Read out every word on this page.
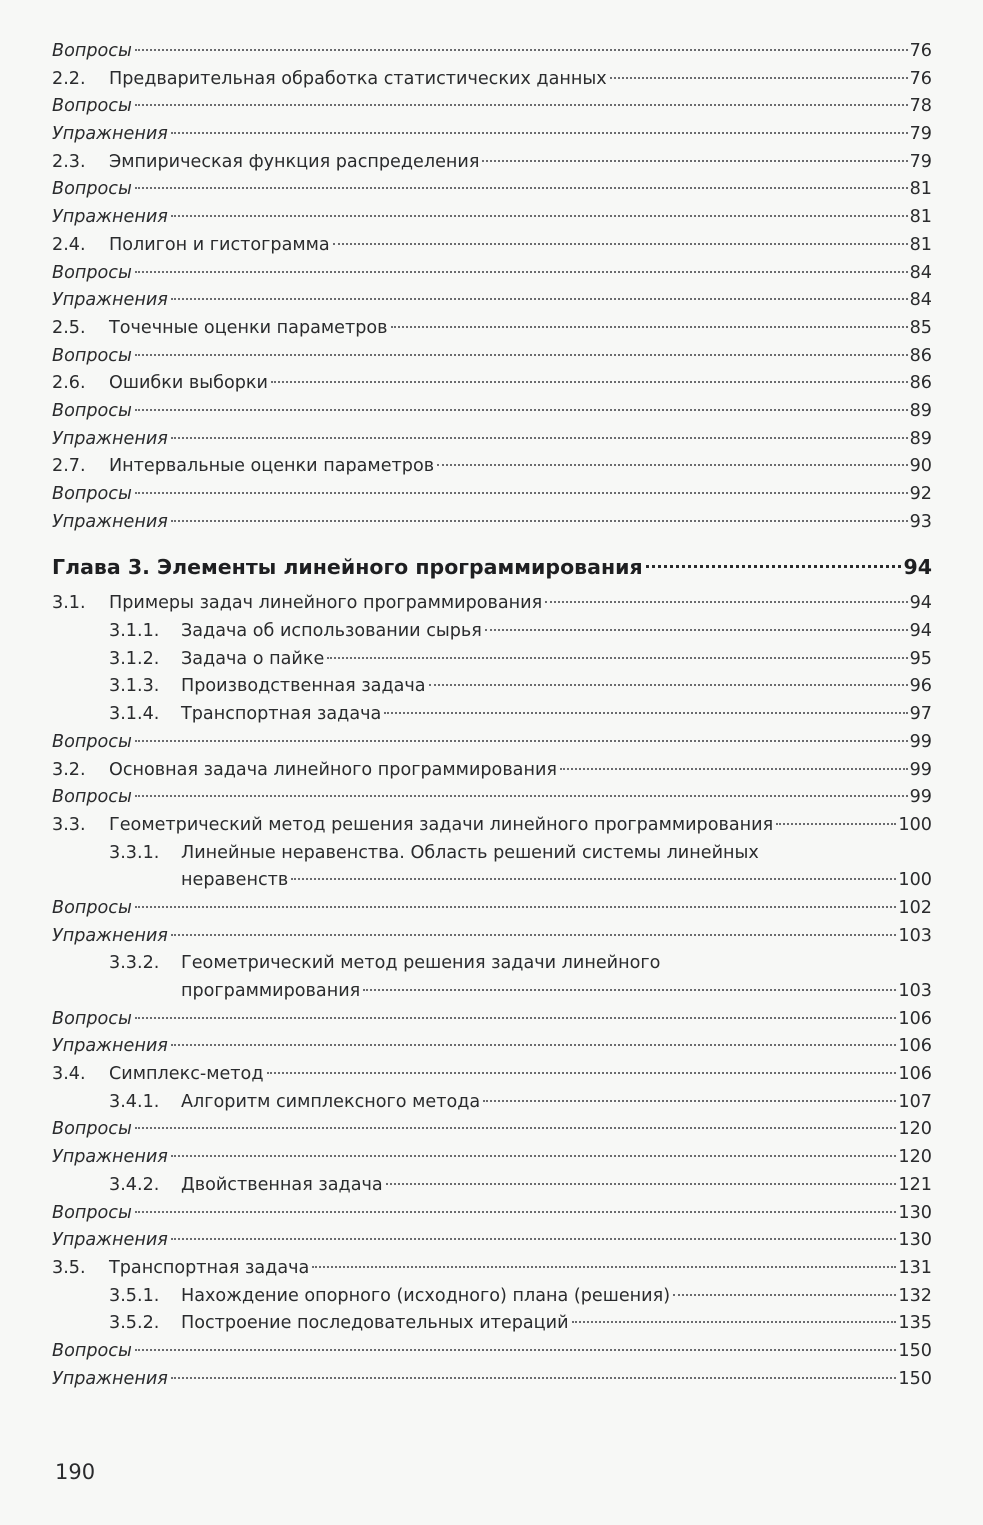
Вопросы	76
2.2.	Предварительная обработка статистических данных	76
Вопросы	78
Упражнения	79
2.3.	Эмпирическая функция распределения	79
Вопросы	81
Упражнения	81
2.4.	Полигон и гистограмма	81
Вопросы	84
Упражнения	84
2.5.	Точечные оценки параметров	85
Вопросы	86
2.6.	Ошибки выборки	86
Вопросы	89
Упражнения	89
2.7.	Интервальные оценки параметров	90
Вопросы	92
Упражнения	93
Глава 3. Элементы линейного программирования	94
3.1.	Примеры задач линейного программирования	94
3.1.1.	Задача об использовании сырья	94
3.1.2.	Задача о пайке	95
3.1.3.	Производственная задача	96
3.1.4.	Транспортная задача	97
Вопросы	99
3.2.	Основная задача линейного программирования	99
Вопросы	99
3.3.	Геометрический метод решения задачи линейного программирования	100
3.3.1.	Линейные неравенства. Область решений системы линейных
неравенств	100
Вопросы	102
Упражнения	103
3.3.2.	Геометрический метод решения задачи линейного
программирования	103
Вопросы	106
Упражнения	106
3.4.	Симплекс-метод	106
3.4.1.	Алгоритм симплексного метода	107
Вопросы	120
Упражнения	120
3.4.2.	Двойственная задача	121
Вопросы	130
Упражнения	130
3.5.	Транспортная задача	131
3.5.1.	Нахождение опорного (исходного) плана (решения)	132
3.5.2.	Построение последовательных итераций	135
Вопросы	150
Упражнения	150
190
